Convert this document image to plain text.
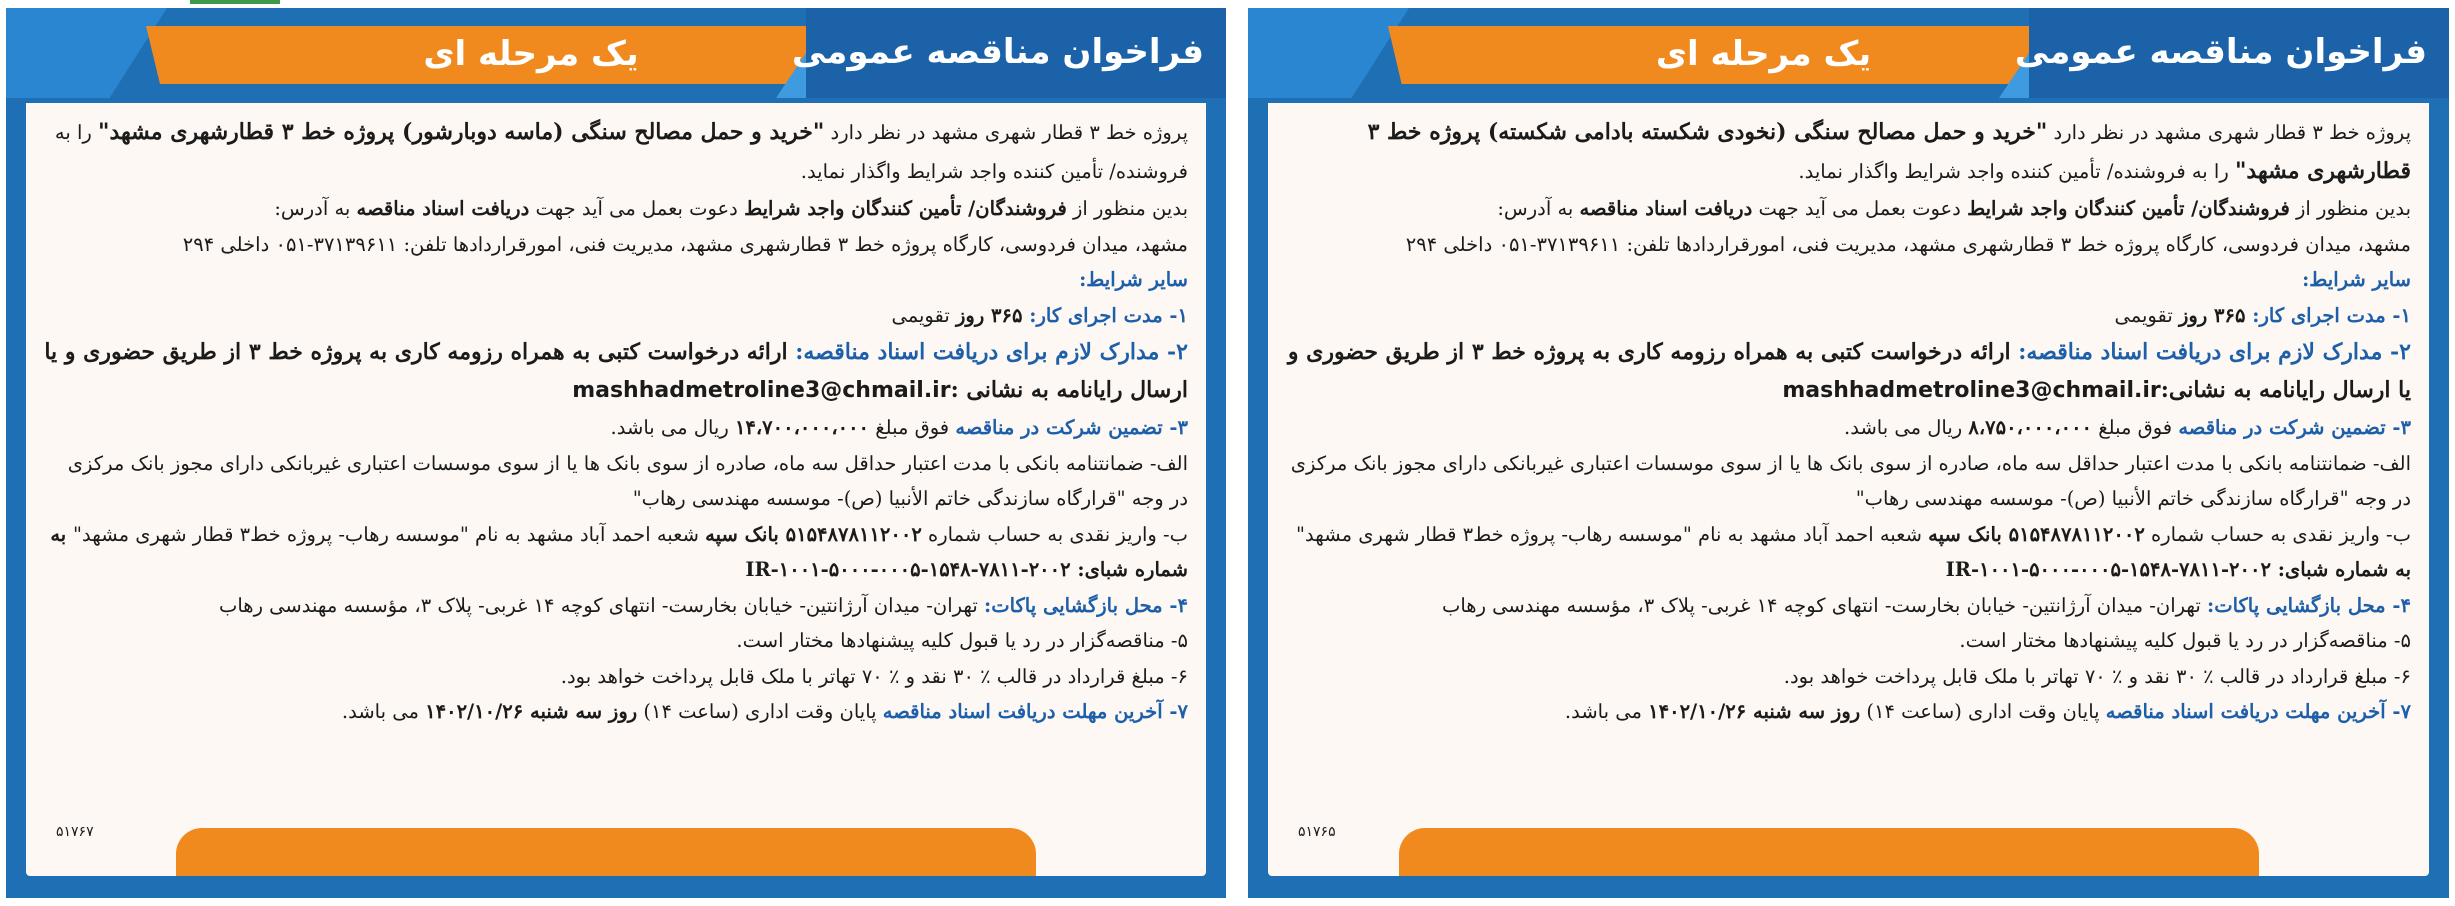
فراخوان مناقصه عمومی
یک مرحله ای

پروژه خط ۳ قطار شهری مشهد در نظر دارد "خرید و حمل مصالح سنگی (ماسه دوبارشور) پروژه خط ۳ قطارشهری مشهد" را به فروشنده/ تأمین کننده واجد شرایط واگذار نماید.

بدین منظور از فروشندگان/ تأمین کنندگان واجد شرایط دعوت بعمل می آید جهت دریافت اسناد مناقصه به آدرس:

مشهد، میدان فردوسی، کارگاه پروژه خط ۳ قطارشهری مشهد، مدیریت فنی، امورقراردادها تلفن: ۳۷۱۳۹۶۱۱-۰۵۱ داخلی ۲۹۴

سایر شرایط:

۱- مدت اجرای کار: ۳۶۵ روز تقویمی

۲- مدارک لازم برای دریافت اسناد مناقصه: ارائه درخواست کتبی به همراه رزومه کاری به پروژه خط ۳ از طریق حضوری و یا ارسال رایانامه به نشانی :mashhadmetroline3@chmail.ir

۳- تضمین شرکت در مناقصه فوق مبلغ ۱۴،۷۰۰،۰۰۰،۰۰۰ ریال می باشد.

الف- ضمانتنامه بانکی با مدت اعتبار حداقل سه ماه، صادره از سوی بانک ها یا از سوی موسسات اعتباری غیربانکی دارای مجوز بانک مرکزی در وجه "قرارگاه سازندگی خاتم الأنبیا (ص)- موسسه مهندسی رهاب"

ب- واریز نقدی به حساب شماره ۵۱۵۴۸۷۸۱۱۲۰۰۲ بانک سپه شعبه احمد آباد مشهد به نام "موسسه رهاب- پروژه خط۳ قطار شهری مشهد" به شماره شبای: IR-۱۰۰۱-۵۰۰۰-۰۰۰۵-۱۵۴۸-۷۸۱۱-۲۰۰۲

۴- محل بازگشایی پاکات: تهران- میدان آرژانتین- خیابان بخارست- انتهای کوچه ۱۴ غربی- پلاک ۳، مؤسسه مهندسی رهاب

۵- مناقصه‌گزار در رد یا قبول کلیه پیشنهادها مختار است.

۶- مبلغ قرارداد در قالب ٪ ۳۰ نقد و ٪ ۷۰ تهاتر با ملک قابل پرداخت خواهد بود.

۷- آخرین مهلت دریافت اسناد مناقصه پایان وقت اداری (ساعت ۱۴) روز سه شنبه ۱۴۰۲/۱۰/۲۶ می باشد.

۵۱۷۶۷
فراخوان مناقصه عمومی
یک مرحله ای

پروژه خط ۳ قطار شهری مشهد در نظر دارد "خرید و حمل مصالح سنگی (نخودی شکسته بادامی شکسته) پروژه خط ۳ قطارشهری مشهد" را به فروشنده/ تأمین کننده واجد شرایط واگذار نماید.

بدین منظور از فروشندگان/ تأمین کنندگان واجد شرایط دعوت بعمل می آید جهت دریافت اسناد مناقصه به آدرس:

مشهد، میدان فردوسی، کارگاه پروژه خط ۳ قطارشهری مشهد، مدیریت فنی، امورقراردادها تلفن: ۳۷۱۳۹۶۱۱-۰۵۱ داخلی ۲۹۴

سایر شرایط:

۱- مدت اجرای کار: ۳۶۵ روز تقویمی

۲- مدارک لازم برای دریافت اسناد مناقصه: ارائه درخواست کتبی به همراه رزومه کاری به پروژه خط ۳ از طریق حضوری و یا ارسال رایانامه به نشانی:mashhadmetroline3@chmail.ir

۳- تضمین شرکت در مناقصه فوق مبلغ ۸،۷۵۰،۰۰۰،۰۰۰ ریال می باشد.

الف- ضمانتنامه بانکی با مدت اعتبار حداقل سه ماه، صادره از سوی بانک ها یا از سوی موسسات اعتباری غیربانکی دارای مجوز بانک مرکزی در وجه "قرارگاه سازندگی خاتم الأنبیا (ص)- موسسه مهندسی رهاب"

ب- واریز نقدی به حساب شماره ۵۱۵۴۸۷۸۱۱۲۰۰۲ بانک سپه شعبه احمد آباد مشهد به نام "موسسه رهاب- پروژه خط۳ قطار شهری مشهد" به شماره شبای: IR-۱۰۰۱-۵۰۰۰-۰۰۰۵-۱۵۴۸-۷۸۱۱-۲۰۰۲

۴- محل بازگشایی پاکات: تهران- میدان آرژانتین- خیابان بخارست- انتهای کوچه ۱۴ غربی- پلاک ۳، مؤسسه مهندسی رهاب

۵- مناقصه‌گزار در رد یا قبول کلیه پیشنهادها مختار است.

۶- مبلغ قرارداد در قالب ٪ ۳۰ نقد و ٪ ۷۰ تهاتر با ملک قابل پرداخت خواهد بود.

۷- آخرین مهلت دریافت اسناد مناقصه پایان وقت اداری (ساعت ۱۴) روز سه شنبه ۱۴۰۲/۱۰/۲۶ می باشد.

۵۱۷۶۵
